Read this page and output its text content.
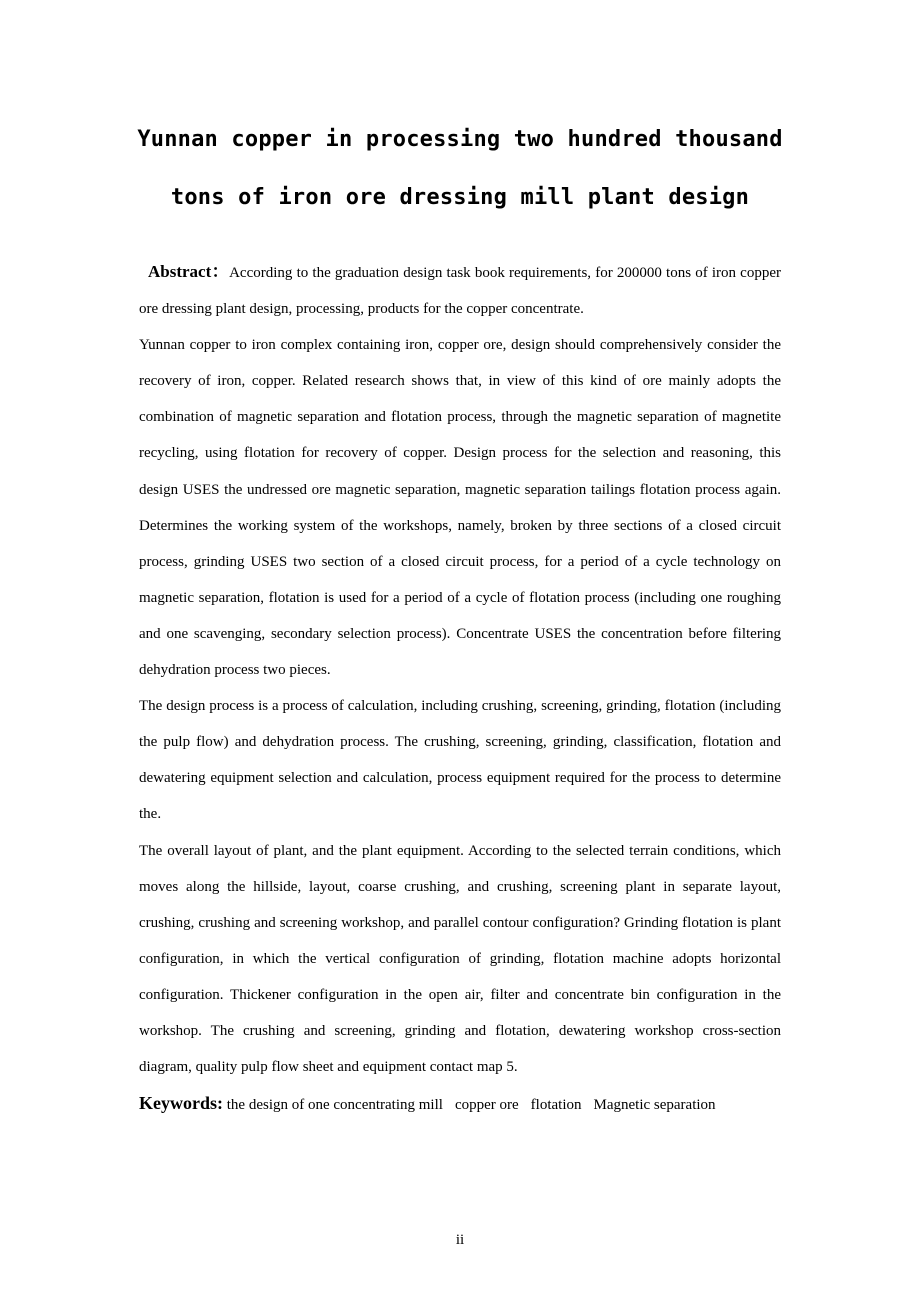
Yunnan copper in processing two hundred thousand
tons of iron ore dressing mill plant design

Abstract：According to the graduation design task book requirements, for 200000 tons of iron copper ore dressing plant design, processing, products for the copper concentrate.

Yunnan copper to iron complex containing iron, copper ore, design should comprehensively consider the recovery of iron, copper. Related research shows that, in view of this kind of ore mainly adopts the combination of magnetic separation and flotation process, through the magnetic separation of magnetite recycling, using flotation for recovery of copper. Design process for the selection and reasoning, this design USES the undressed ore magnetic separation, magnetic separation tailings flotation process again. Determines the working system of the workshops, namely, broken by three sections of a closed circuit process, grinding USES two section of a closed circuit process, for a period of a cycle technology on magnetic separation, flotation is used for a period of a cycle of flotation process (including one roughing and one scavenging, secondary selection process). Concentrate USES the concentration before filtering dehydration process two pieces.

The design process is a process of calculation, including crushing, screening, grinding, flotation (including the pulp flow) and dehydration process. The crushing, screening, grinding, classification, flotation and dewatering equipment selection and calculation, process equipment required for the process to determine the.

The overall layout of plant, and the plant equipment. According to the selected terrain conditions, which moves along the hillside, layout, coarse crushing, and crushing, screening plant in separate layout, crushing, crushing and screening workshop, and parallel contour configuration? Grinding flotation is plant configuration, in which the vertical configuration of grinding, flotation machine adopts horizontal configuration. Thickener configuration in the open air, filter and concentrate bin configuration in the workshop. The crushing and screening, grinding and flotation, dewatering workshop cross-section diagram, quality pulp flow sheet and equipment contact map 5.

Keywords: the design of one concentrating mill copper ore flotation Magnetic separation

ii
